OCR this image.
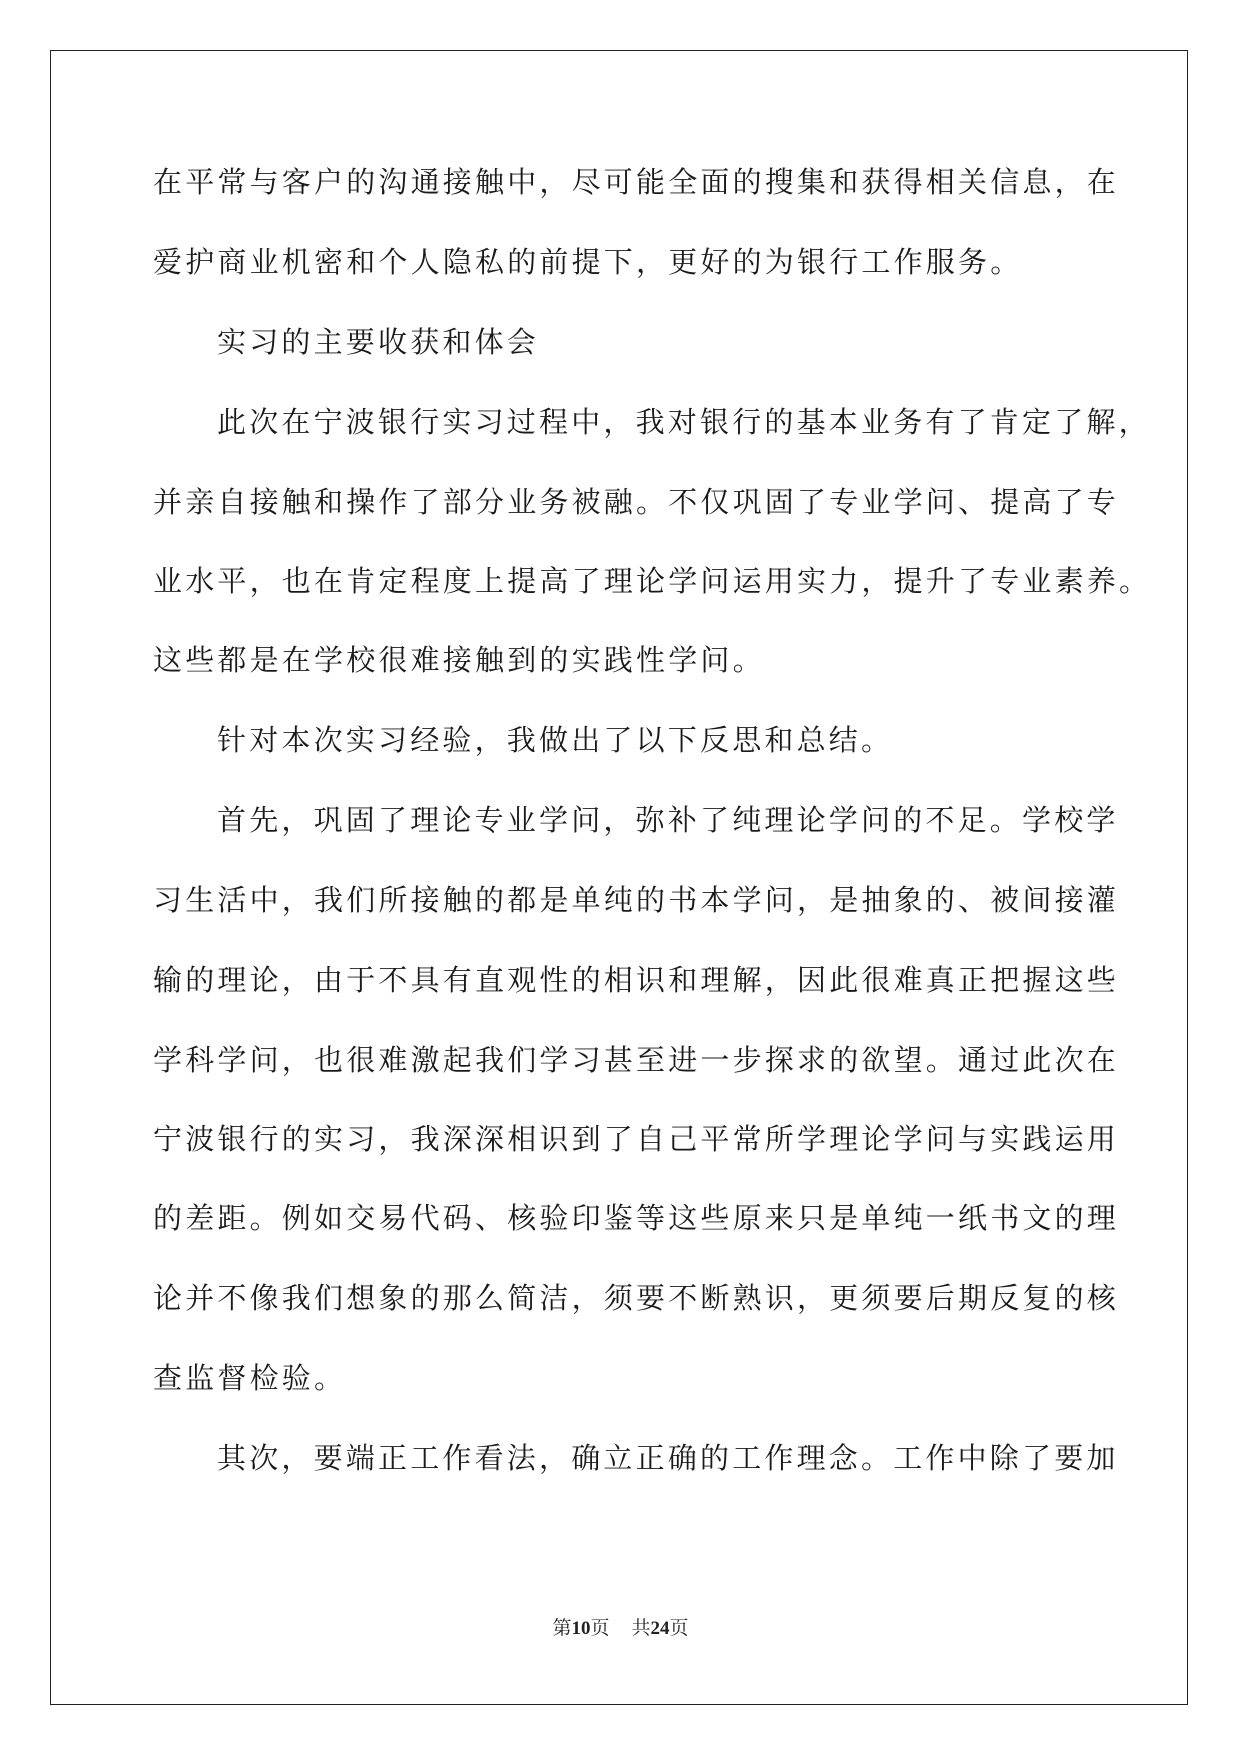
在平常与客户的沟通接触中，尽可能全面的搜集和获得相关信息，在
爱护商业机密和个人隐私的前提下，更好的为银行工作服务。
实习的主要收获和体会
此次在宁波银行实习过程中，我对银行的基本业务有了肯定了解，
并亲自接触和操作了部分业务被融。不仅巩固了专业学问、提高了专
业水平，也在肯定程度上提高了理论学问运用实力，提升了专业素养。
这些都是在学校很难接触到的实践性学问。
针对本次实习经验，我做出了以下反思和总结。
首先，巩固了理论专业学问，弥补了纯理论学问的不足。学校学
习生活中，我们所接触的都是单纯的书本学问，是抽象的、被间接灌
输的理论，由于不具有直观性的相识和理解，因此很难真正把握这些
学科学问，也很难激起我们学习甚至进一步探求的欲望。通过此次在
宁波银行的实习，我深深相识到了自己平常所学理论学问与实践运用
的差距。例如交易代码、核验印鉴等这些原来只是单纯一纸书文的理
论并不像我们想象的那么简洁，须要不断熟识，更须要后期反复的核
查监督检验。
其次，要端正工作看法，确立正确的工作理念。工作中除了要加
第10页 共24页
